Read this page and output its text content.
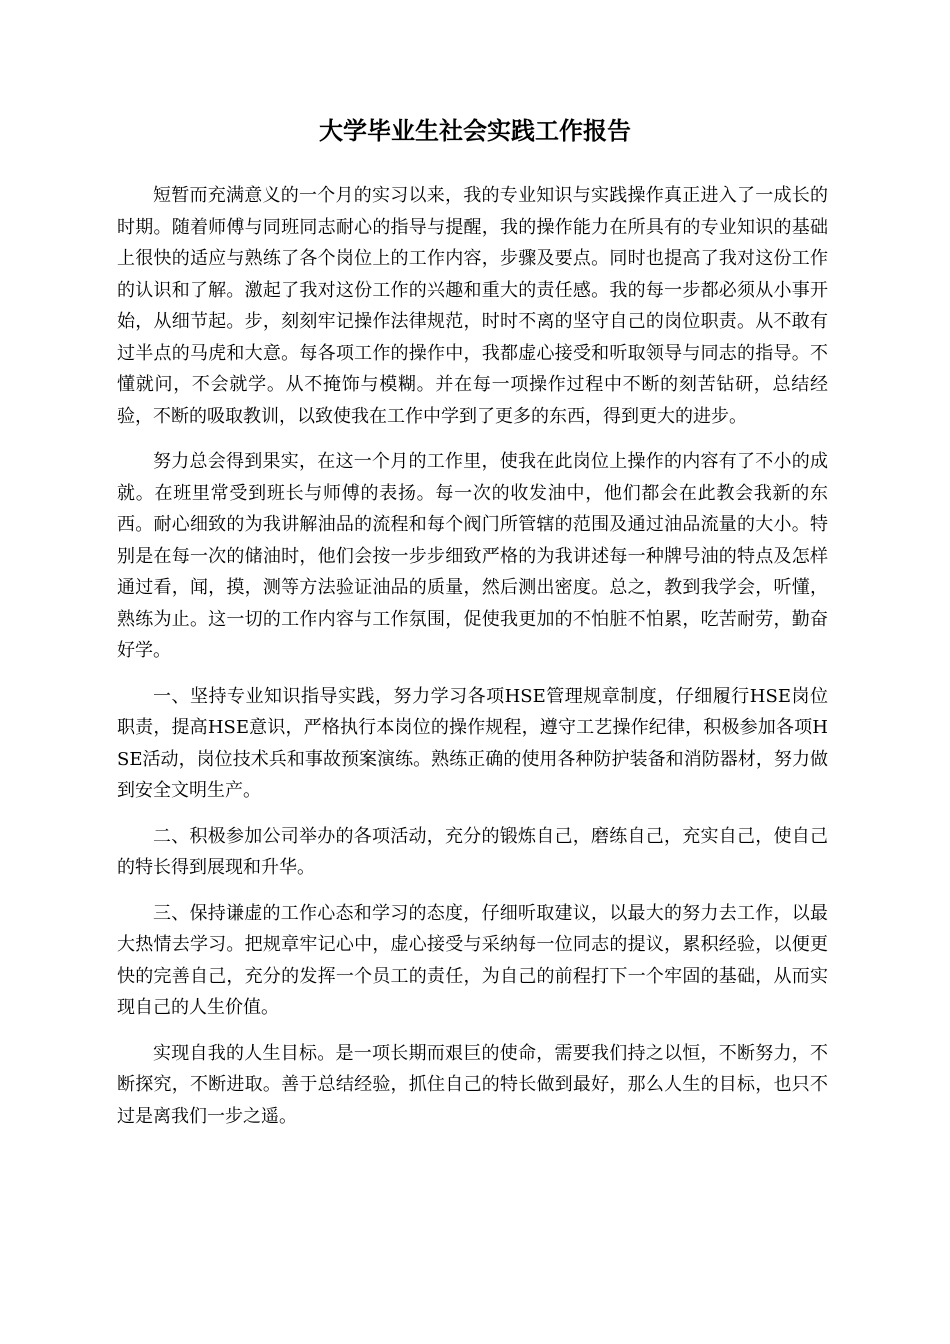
大学毕业生社会实践工作报告

短暂而充满意义的一个月的实习以来，我的专业知识与实践操作真正进入了一成长的时期。随着师傅与同班同志耐心的指导与提醒，我的操作能力在所具有的专业知识的基础上很快的适应与熟练了各个岗位上的工作内容，步骤及要点。同时也提高了我对这份工作的认识和了解。激起了我对这份工作的兴趣和重大的责任感。我的每一步都必须从小事开始，从细节起。步，刻刻牢记操作法律规范，时时不离的坚守自己的岗位职责。从不敢有过半点的马虎和大意。每各项工作的操作中，我都虚心接受和听取领导与同志的指导。不懂就问，不会就学。从不掩饰与模糊。并在每一项操作过程中不断的刻苦钻研，总结经验，不断的吸取教训，以致使我在工作中学到了更多的东西，得到更大的进步。

努力总会得到果实，在这一个月的工作里，使我在此岗位上操作的内容有了不小的成就。在班里常受到班长与师傅的表扬。每一次的收发油中，他们都会在此教会我新的东西。耐心细致的为我讲解油品的流程和每个阀门所管辖的范围及通过油品流量的大小。特别是在每一次的储油时，他们会按一步步细致严格的为我讲述每一种牌号油的特点及怎样通过看，闻，摸，测等方法验证油品的质量，然后测出密度。总之，教到我学会，听懂，熟练为止。这一切的工作内容与工作氛围，促使我更加的不怕脏不怕累，吃苦耐劳，勤奋好学。

一、坚持专业知识指导实践，努力学习各项HSE管理规章制度，仔细履行HSE岗位职责，提高HSE意识，严格执行本岗位的操作规程，遵守工艺操作纪律，积极参加各项HSE活动，岗位技术兵和事故预案演练。熟练正确的使用各种防护装备和消防器材，努力做到安全文明生产。

二、积极参加公司举办的各项活动，充分的锻炼自己，磨练自己，充实自己，使自己的特长得到展现和升华。

三、保持谦虚的工作心态和学习的态度，仔细听取建议，以最大的努力去工作，以最大热情去学习。把规章牢记心中，虚心接受与采纳每一位同志的提议，累积经验，以便更快的完善自己，充分的发挥一个员工的责任，为自己的前程打下一个牢固的基础，从而实现自己的人生价值。

实现自我的人生目标。是一项长期而艰巨的使命，需要我们持之以恒，不断努力，不断探究，不断进取。善于总结经验，抓住自己的特长做到最好，那么人生的目标，也只不过是离我们一步之遥。
